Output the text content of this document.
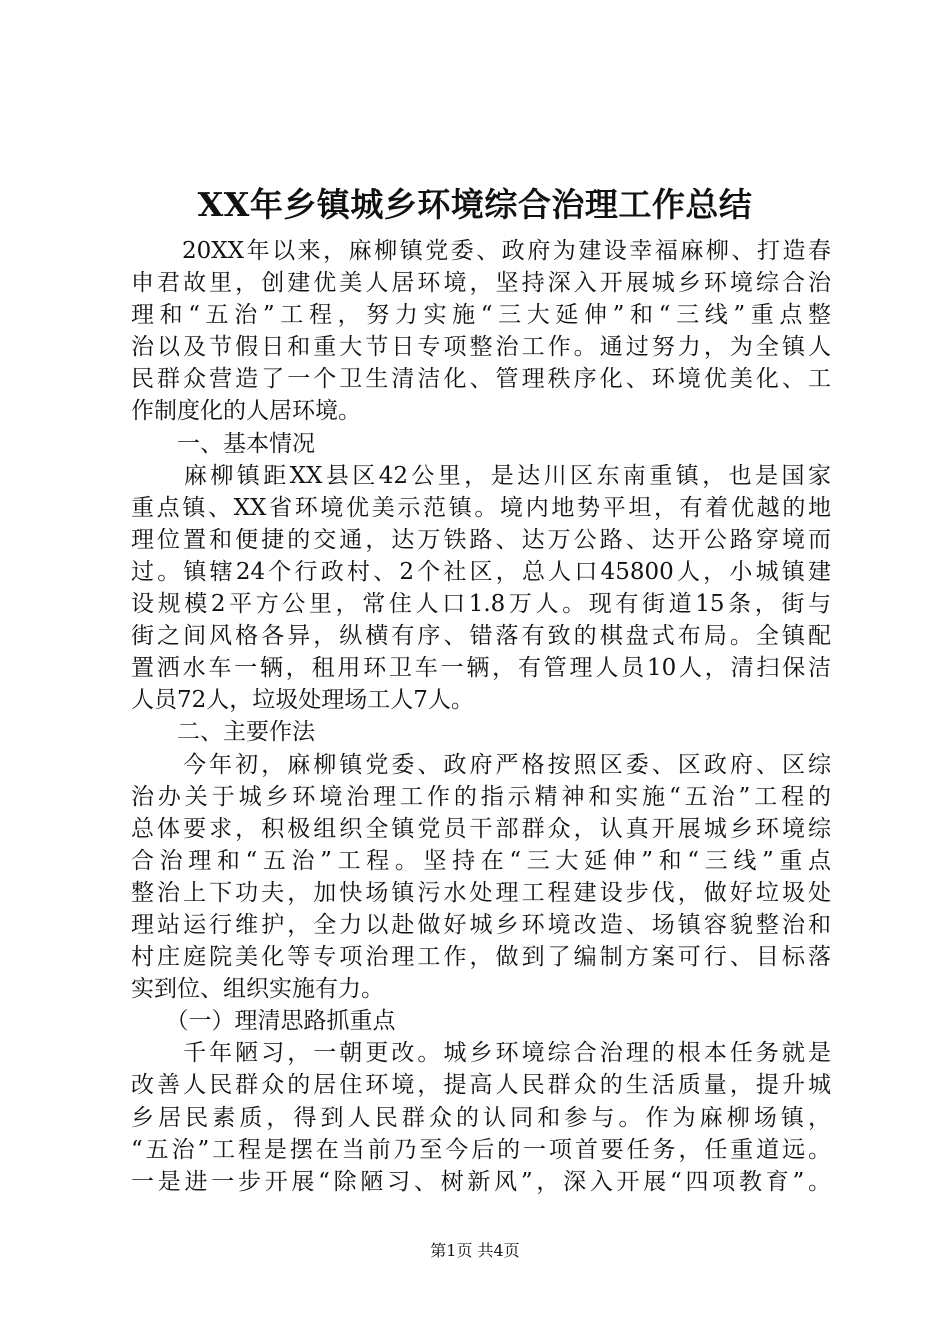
XX年乡镇城乡环境综合治理工作总结
　　20XX年以来，麻柳镇党委、政府为建设幸福麻柳、打造春
申君故里，创建优美人居环境，坚持深入开展城乡环境综合治
理和“五治”工程，努力实施“三大延伸”和“三线”重点整
治以及节假日和重大节日专项整治工作。通过努力，为全镇人
民群众营造了一个卫生清洁化、管理秩序化、环境优美化、工
作制度化的人居环境。
　　一、基本情况
　　麻柳镇距XX县区42公里，是达川区东南重镇，也是国家
重点镇、XX省环境优美示范镇。境内地势平坦，有着优越的地
理位置和便捷的交通，达万铁路、达万公路、达开公路穿境而
过。镇辖24个行政村、2个社区，总人口45800人，小城镇建
设规模2平方公里，常住人口1.8万人。现有街道15条，街与
街之间风格各异，纵横有序、错落有致的棋盘式布局。全镇配
置洒水车一辆，租用环卫车一辆，有管理人员10人，清扫保洁
人员72人，垃圾处理场工人7人。
　　二、主要作法
　　今年初，麻柳镇党委、政府严格按照区委、区政府、区综
治办关于城乡环境治理工作的指示精神和实施“五治”工程的
总体要求，积极组织全镇党员干部群众，认真开展城乡环境综
合治理和“五治”工程。坚持在“三大延伸”和“三线”重点
整治上下功夫，加快场镇污水处理工程建设步伐，做好垃圾处
理站运行维护，全力以赴做好城乡环境改造、场镇容貌整治和
村庄庭院美化等专项治理工作，做到了编制方案可行、目标落
实到位、组织实施有力。
　　（一）理清思路抓重点
　　千年陋习，一朝更改。城乡环境综合治理的根本任务就是
改善人民群众的居住环境，提高人民群众的生活质量，提升城
乡居民素质，得到人民群众的认同和参与。作为麻柳场镇，
“五治”工程是摆在当前乃至今后的一项首要任务，任重道远。
一是进一步开展“除陋习、树新风”，深入开展“四项教育”。
第1页 共4页
